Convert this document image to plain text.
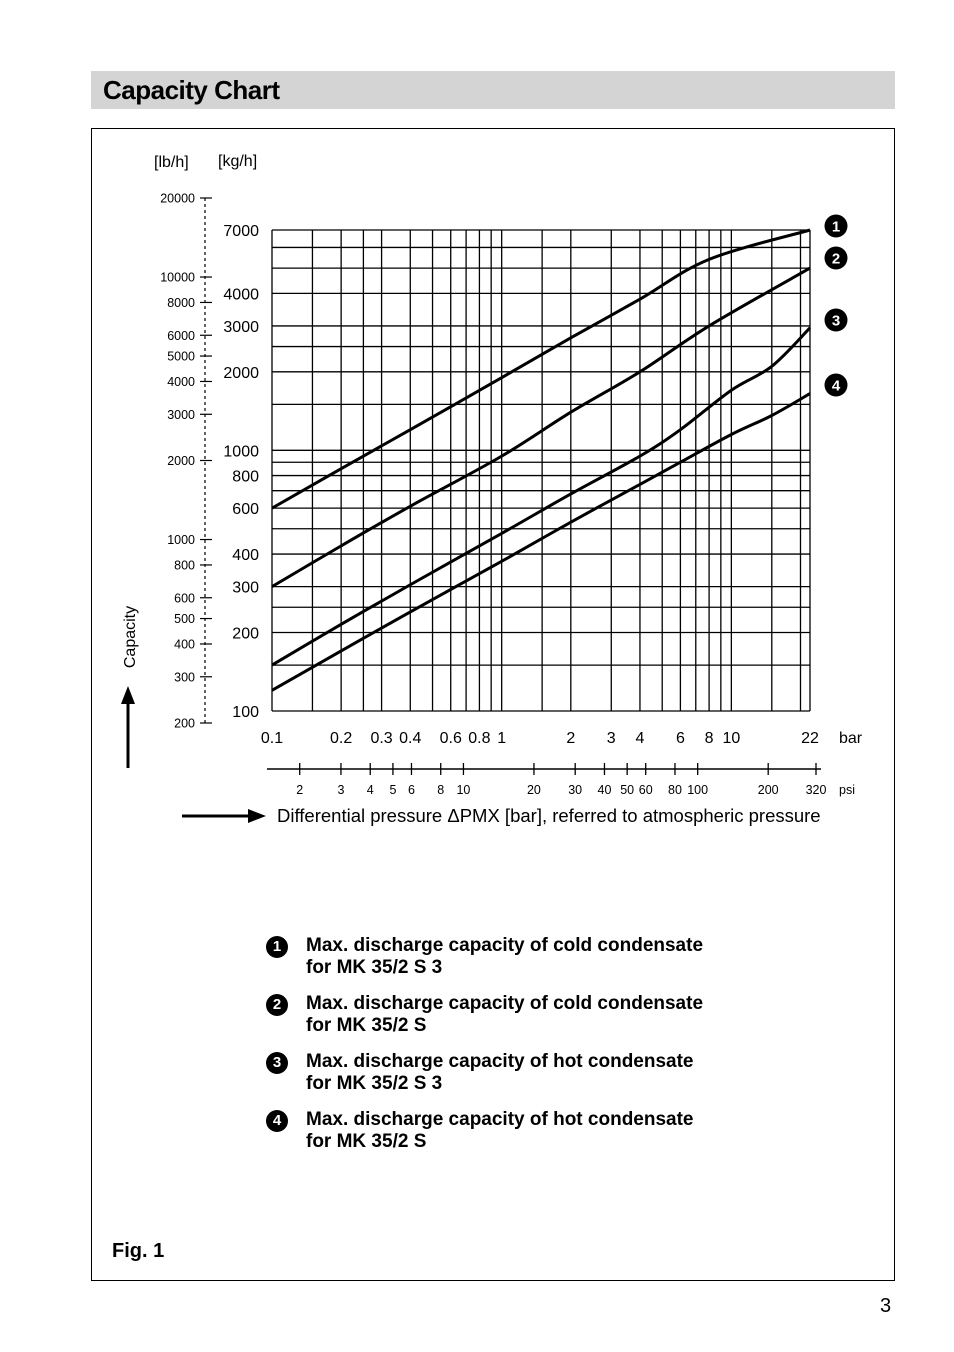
Capacity Chart
100
200
300
400
600
800
1000
2000
3000
4000
7000
200
300
400
500
600
800
1000
2000
3000
4000
5000
6000
8000
10000
20000
[lb/h] [kg/h]
Capacity
0.1	0.2 0.3 0.4 0.6 0.8 1	2 3 4 6 8 10	22 bar
2	3 4 5 6 8 10	20 30 40 50 60 80 100	200 320 psi
Differential pressure ΔPMX [bar], referred to atmospheric pressure
1
2
3
4
1	Max. discharge capacity of cold condensate
for MK 35/2 S 3
2	Max. discharge capacity of cold condensate
for MK 35/2 S
3	Max. discharge capacity of hot condensate
for MK 35/2 S 3
4	Max. discharge capacity of hot condensate
for MK 35/2 S
Fig. 1
3
